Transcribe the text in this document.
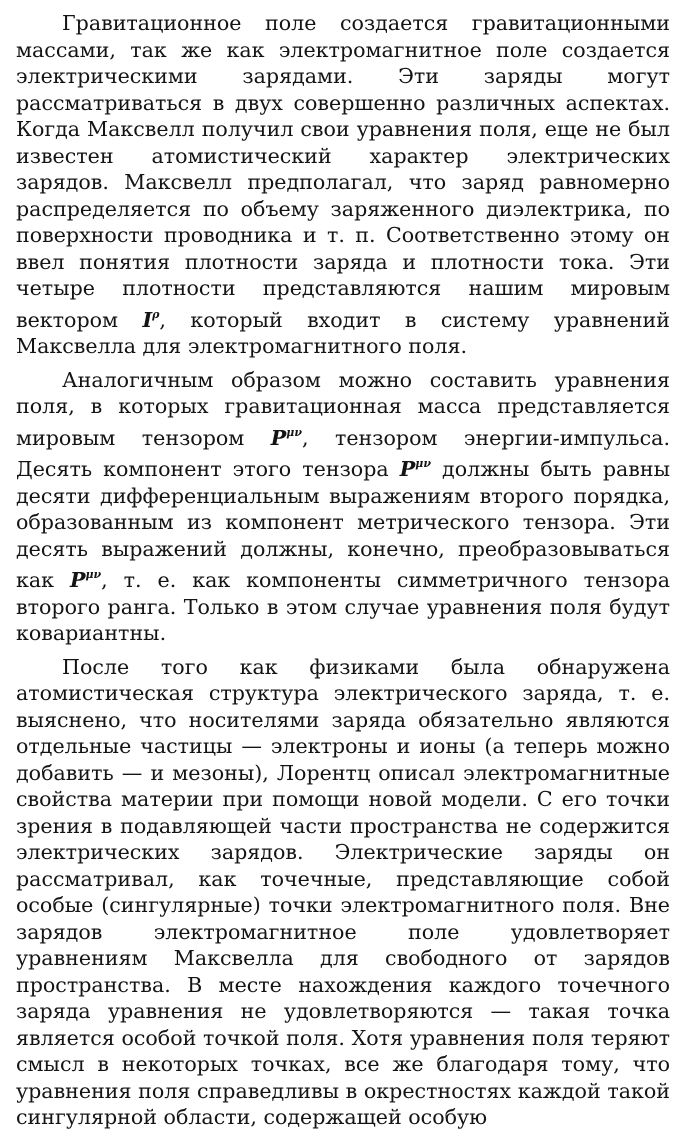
Гравитационное поле создается гравитационными массами, так же как электромагнитное поле создается электрическими зарядами. Эти заряды могут рассматриваться в двух совершенно различных аспектах. Когда Максвелл получил свои уравнения поля, еще не был известен атомистический характер электрических зарядов. Максвелл предполагал, что заряд равномерно распределяется по объему заряженного диэлектрика, по поверхности проводника и т. п. Соответственно этому он ввел понятия плотности заряда и плотности тока. Эти четыре плотности представляются нашим мировым вектором $I^\rho$, который входит в систему уравнений Максвелла для электромагнитного поля.

Аналогичным образом можно составить уравнения поля, в которых гравитационная масса представляется мировым тензором $P^{\mu\nu}$, тензором энергии-импульса. Десять компонент этого тензора $P^{\mu\nu}$ должны быть равны десяти дифференциальным выражениям второго порядка, образованным из компонент метрического тензора. Эти десять выражений должны, конечно, преобразовываться как $P^{\mu\nu}$, т. е. как компоненты симметричного тензора второго ранга. Только в этом случае уравнения поля будут ковариантны.

После того как физиками была обнаружена атомистическая структура электрического заряда, т. е. выяснено, что носителями заряда обязательно являются отдельные частицы — электроны и ионы (а теперь можно добавить — и мезоны), Лорентц описал электромагнитные свойства материи при помощи новой модели. С его точки зрения в подавляющей части пространства не содержится электрических зарядов. Электрические заряды он рассматривал, как точечные, представляющие собой особые (сингулярные) точки электромагнитного поля. Вне зарядов электромагнитное поле удовлетворяет уравнениям Максвелла для свободного от зарядов пространства. В месте нахождения каждого точечного заряда уравнения не удовлетворяются — такая точка является особой точкой поля. Хотя уравнения поля теряют смысл в некоторых точках, все же благодаря тому, что уравнения поля справедливы в окрестностях каждой такой сингулярной области, содержащей особую
